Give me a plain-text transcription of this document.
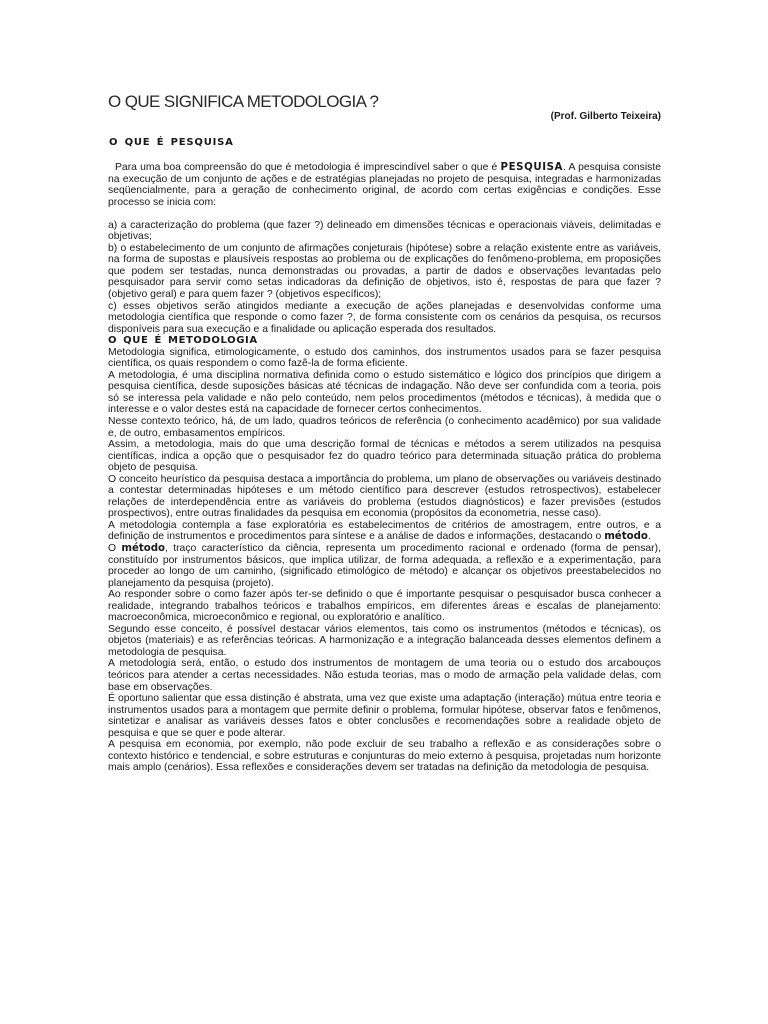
O QUE SIGNIFICA METODOLOGIA ?
(Prof. Gilberto Teixeira)
O QUE É PESQUISA

Para uma boa compreensão do que é metodologia é imprescindível saber o que é PESQUISA. A pesquisa consiste na execução de um conjunto de ações e de estratégias planejadas no projeto de pesquisa, integradas e harmonizadas seqüencialmente, para a geração de conhecimento original, de acordo com certas exigências e condições. Esse processo se inicia com:

a) a caracterização do problema (que fazer ?) delineado em dimensões técnicas e operacionais viáveis, delimitadas e objetivas;

b) o estabelecimento de um conjunto de afirmações conjeturais (hipótese) sobre a relação existente entre as variáveis, na forma de supostas e plausíveis respostas ao problema ou de explicações do fenômeno-problema, em proposições que podem ser testadas, nunca demonstradas ou provadas, a partir de dados e observações levantadas pelo pesquisador para servir como setas indicadoras da definição de objetivos, isto é, respostas de para que fazer ? (objetivo geral) e para quem fazer ? (objetivos específicos);

c) esses objetivos serão atingidos mediante a execução de ações planejadas e desenvolvidas conforme uma metodologia científica que responde o como fazer ?, de forma consistente com os cenários da pesquisa, os recursos disponíveis para sua execução e a finalidade ou aplicação esperada dos resultados.

O QUE É METODOLOGIA

Metodologia significa, etimologicamente, o estudo dos caminhos, dos instrumentos usados para se fazer pesquisa científica, os quais respondem o como fazê-la de forma eficiente.

A metodologia, é uma disciplina normativa definida como o estudo sistemático e lógico dos princípios que dirigem a pesquisa científica, desde suposições básicas até técnicas de indagação. Não deve ser confundida com a teoria, pois só se interessa pela validade e não pelo conteúdo, nem pelos procedimentos (métodos e técnicas), à medida que o interesse e o valor destes está na capacidade de fornecer certos conhecimentos.

Nesse contexto teórico, há, de um lado, quadros teóricos de referência (o conhecimento acadêmico) por sua validade e, de outro, embasamentos empíricos.

Assim, a metodologia, mais do que uma descrição formal de técnicas e métodos a serem utilizados na pesquisa científicas, indica a opção que o pesquisador fez do quadro teórico para determinada situação prática do problema objeto de pesquisa.

O conceito heurístico da pesquisa destaca a importância do problema, um plano de observações ou variáveis destinado a contestar determinadas hipóteses e um método científico para descrever (estudos retrospectivos), estabelecer relações de interdependência entre as variáveis do problema (estudos diagnósticos) e fazer previsões (estudos prospectivos), entre outras finalidades da pesquisa em economia (propósitos da econometria, nesse caso).

A metodologia contempla a fase exploratória es estabelecimentos de critérios de amostragem, entre outros, e a definição de instrumentos e procedimentos para síntese e a análise de dados e informações, destacando o método.

O método, traço característico da ciência, representa um procedimento racional e ordenado (forma de pensar), constituído por instrumentos básicos, que implica utilizar, de forma adequada, a reflexão e a experimentação, para proceder ao longo de um caminho, (significado etimológico de método) e alcançar os objetivos preestabelecidos no planejamento da pesquisa (projeto).

Ao responder sobre o como fazer após ter-se definido o que é importante pesquisar o pesquisador busca conhecer a realidade, integrando trabalhos teóricos e trabalhos empíricos, em diferentes áreas e escalas de planejamento: macroeconômica, microeconômico e regional, ou exploratório e analítico.

Segundo esse conceito, é possível destacar vários elementos, tais como os instrumentos (métodos e técnicas), os objetos (materiais) e as referências teóricas. A harmonização e a integração balanceada desses elementos definem a metodologia de pesquisa.

A metodologia será, então, o estudo dos instrumentos de montagem de uma teoria ou o estudo dos arcabouços teóricos para atender a certas necessidades. Não estuda teorias, mas o modo de armação pela validade delas, com base em observações.

É oportuno salientar que essa distinção é abstrata, uma vez que existe uma adaptação (interação) mútua entre teoria e instrumentos usados para a montagem que permite definir o problema, formular hipótese, observar fatos e fenômenos, sintetizar e analisar as variáveis desses fatos e obter conclusões e recomendações sobre a realidade objeto de pesquisa e que se quer e pode alterar.

A pesquisa em economia, por exemplo, não pode excluir de seu trabalho a reflexão e as considerações sobre o contexto histórico e tendencial, e sobre estruturas e conjunturas do meio externo à pesquisa, projetadas num horizonte mais amplo (cenários). Essa reflexões e considerações devem ser tratadas na definição da metodologia de pesquisa.
